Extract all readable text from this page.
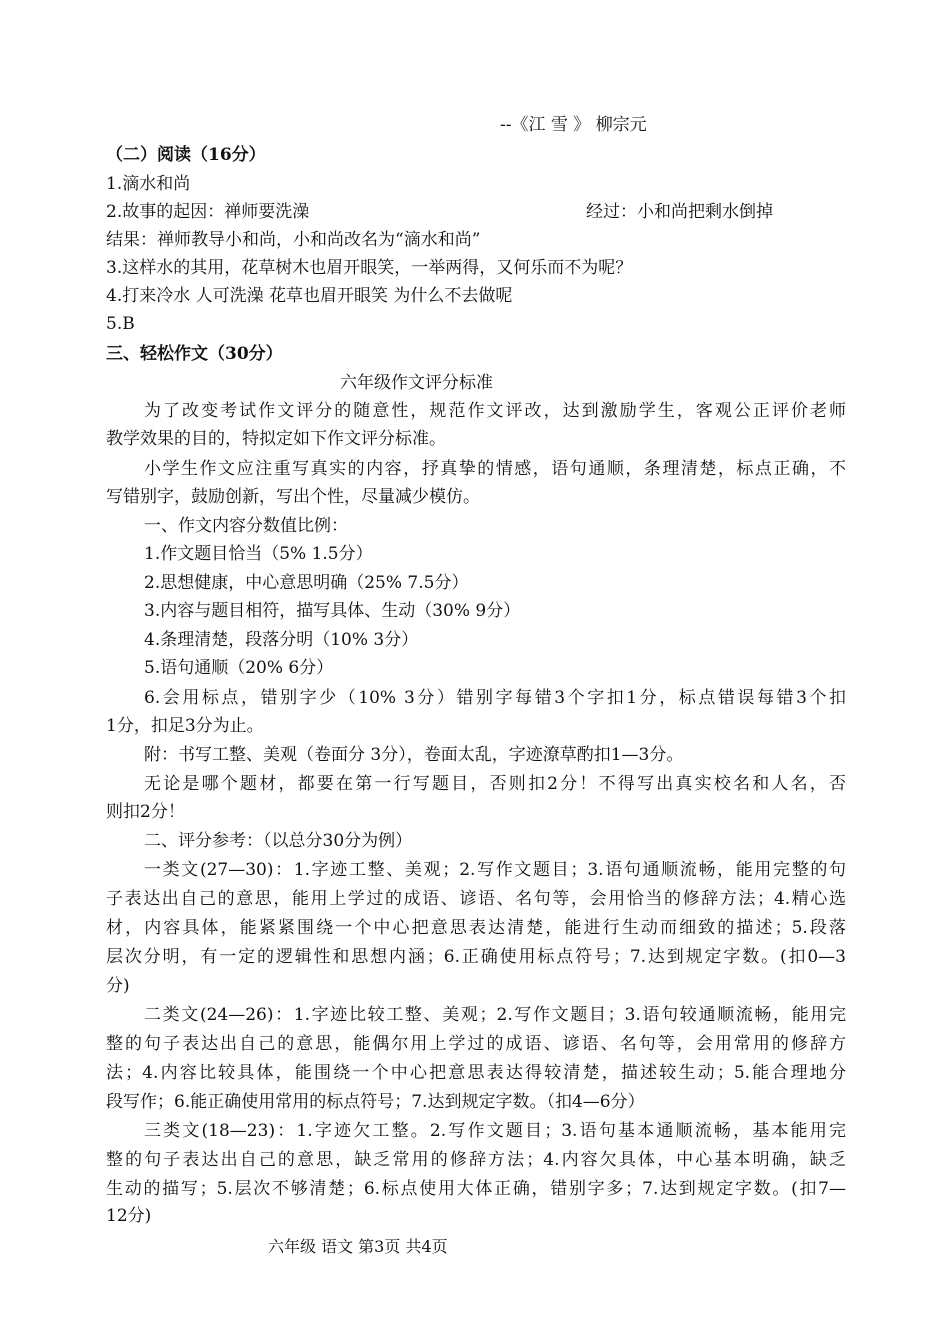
--《江 雪 》 柳宗元
（二）阅读（16分）
1.滴水和尚
2.故事的起因：禅师要洗澡	经过：小和尚把剩水倒掉
结果：禅师教导小和尚，小和尚改名为“滴水和尚”
3.这样水的其用，花草树木也眉开眼笑，一举两得，又何乐而不为呢？
4.打来冷水 人可洗澡 花草也眉开眼笑 为什么不去做呢
5.B
三、轻松作文（30分）
六年级作文评分标准
为了改变考试作文评分的随意性，规范作文评改，达到激励学生，客观公正评价老师
教学效果的目的，特拟定如下作文评分标准。
小学生作文应注重写真实的内容，抒真挚的情感，语句通顺，条理清楚，标点正确，不
写错别字，鼓励创新，写出个性，尽量减少模仿。
一、作文内容分数值比例：
1.作文题目恰当（5% 1.5分）
2.思想健康，中心意思明确（25% 7.5分）
3.内容与题目相符，描写具体、生动（30% 9分）
4.条理清楚，段落分明（10% 3分）
5.语句通顺（20% 6分）
6.会用标点，错别字少（10% 3分）错别字每错3个字扣1分，标点错误每错3个扣
1分，扣足3分为止。
附：书写工整、美观（卷面分 3分），卷面太乱，字迹潦草酌扣1—3分。
无论是哪个题材，都要在第一行写题目，否则扣2分！不得写出真实校名和人名，否
则扣2分！
二、评分参考：（以总分30分为例）
一类文(27—30)：1.字迹工整、美观；2.写作文题目；3.语句通顺流畅，能用完整的句
子表达出自己的意思，能用上学过的成语、谚语、名句等，会用恰当的修辞方法；4.精心选
材，内容具体，能紧紧围绕一个中心把意思表达清楚，能进行生动而细致的描述；5.段落
层次分明，有一定的逻辑性和思想内涵；6.正确使用标点符号；7.达到规定字数。(扣0—3
分)
二类文(24—26)：1.字迹比较工整、美观；2.写作文题目；3.语句较通顺流畅，能用完
整的句子表达出自己的意思，能偶尔用上学过的成语、谚语、名句等，会用常用的修辞方
法；4.内容比较具体，能围绕一个中心把意思表达得较清楚，描述较生动；5.能合理地分
段写作；6.能正确使用常用的标点符号；7.达到规定字数。（扣4—6分）
三类文(18—23)：1.字迹欠工整。2.写作文题目；3.语句基本通顺流畅，基本能用完
整的句子表达出自己的意思，缺乏常用的修辞方法；4.内容欠具体，中心基本明确，缺乏
生动的描写；5.层次不够清楚；6.标点使用大体正确，错别字多；7.达到规定字数。(扣7—
12分)
六年级 语文 第3页 共4页
